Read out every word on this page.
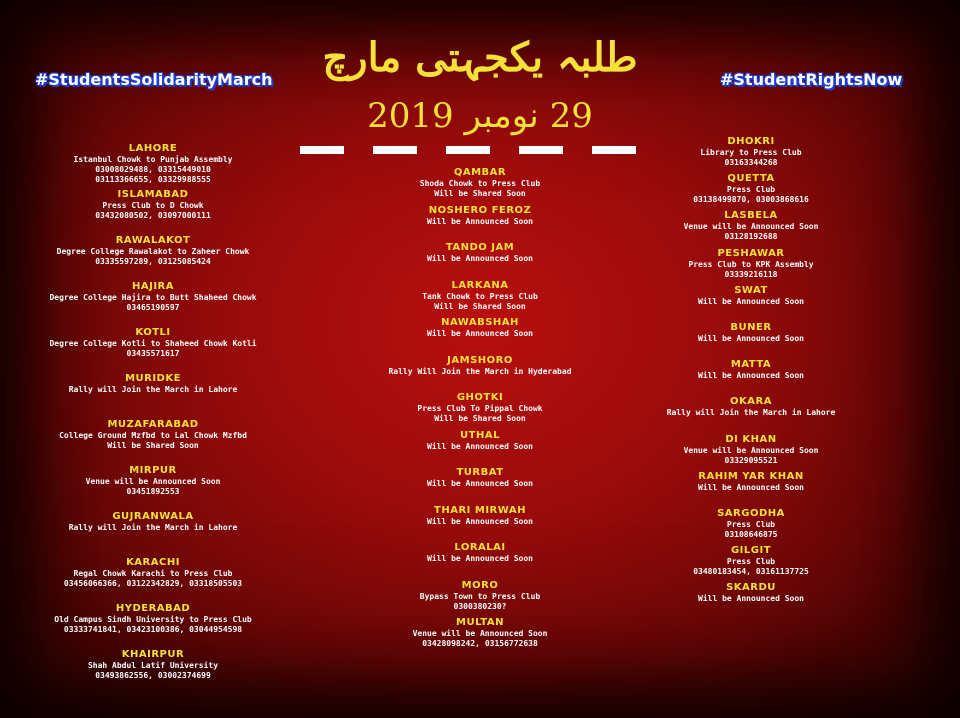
#StudentsSolidarityMarch	#StudentRightsNow
طلبہ یکجہتی مارچ
29 نومبر 2019
LAHORE
Istanbul Chowk to Punjab Assembly
03008029488, 03315449010
03113366655, 03329988555
ISLAMABAD
Press Club to D Chowk
03432080502, 03097000111
RAWALAKOT
Degree College Rawalakot to Zaheer Chowk
03335597289, 03125085424
HAJIRA
Degree College Hajira to Butt Shaheed Chowk
03465190597
KOTLI
Degree College Kotli to Shaheed Chowk Kotli
03435571617
MURIDKE
Rally will Join the March in Lahore
MUZAFARABAD
College Ground Mzfbd to Lal Chowk Mzfbd
Will be Shared Soon
MIRPUR
Venue will be Announced Soon
03451892553
GUJRANWALA
Rally will Join the March in Lahore
KARACHI
Regal Chowk Karachi to Press Club
03456066366, 03122342829, 03318505503
HYDERABAD
Old Campus Sindh University to Press Club
03333741841, 03423100386, 03044954598
KHAIRPUR
Shah Abdul Latif University
03493862556, 03002374699
QAMBAR
Shoda Chowk to Press Club
Will be Shared Soon
NOSHERO FEROZ
Will be Announced Soon
TANDO JAM
Will be Announced Soon
LARKANA
Tank Chowk to Press Club
Will be Shared Soon
NAWABSHAH
Will be Announced Soon
JAMSHORO
Rally Will Join the March in Hyderabad
GHOTKI
Press Club To Pippal Chowk
Will be Shared Soon
UTHAL
Will be Announced Soon
TURBAT
Will be Announced Soon
THARI MIRWAH
Will be Announced Soon
LORALAI
Will be Announced Soon
MORO
Bypass Town to Press Club
0300380230?
MULTAN
Venue will be Announced Soon
03428098242, 03156772638
DHOKRI
Library to Press Club
03163344268
QUETTA
Press Club
03138499870, 03003868616
LASBELA
Venue will be Announced Soon
03128192688
PESHAWAR
Press Club to KPK Assembly
03339216118
SWAT
Will be Announced Soon
BUNER
Will be Announced Soon
MATTA
Will be Announced Soon
OKARA
Rally will Join the March in Lahore
DI KHAN
Venue will be Announced Soon
03329095521
RAHIM YAR KHAN
Will be Announced Soon
SARGODHA
Press Club
03108646875
GILGIT
Press Club
03480183454, 03161137725
SKARDU
Will be Announced Soon
